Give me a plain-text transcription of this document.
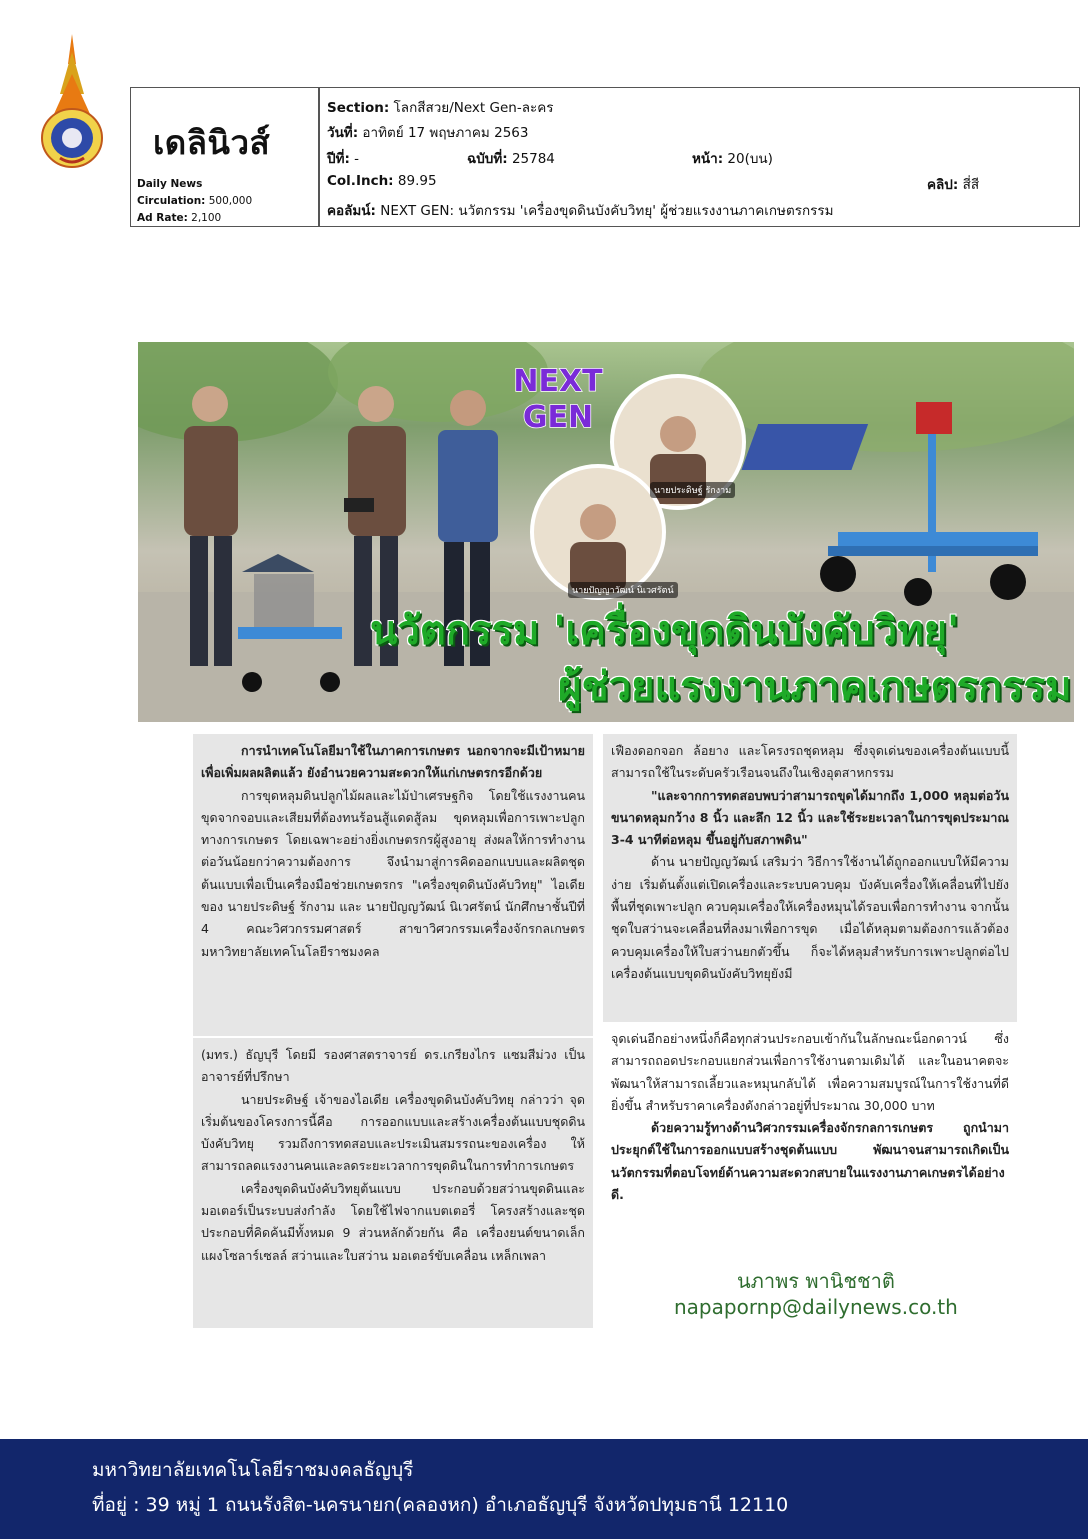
เดลินิวส์
Daily News
Circulation: 500,000
Ad Rate: 2,100
Section: โลกสีสวย/Next Gen-ละคร
วันที่: อาทิตย์ 17 พฤษภาคม 2563
ปีที่: -	ฉบับที่: 25784	หน้า: 20(บน)
Col.Inch: 89.95	คลิป: สี่สี
คอลัมน์: NEXT GEN: นวัตกรรม 'เครื่องขุดดินบังคับวิทยุ' ผู้ช่วยแรงงานภาคเกษตรกรรม
NEXT
GEN
นายประดิษฐ์ รักงาม
นายปัญญาวัฒน์ นิเวศรัตน์
นวัตกรรม 'เครื่องขุดดินบังคับวิทยุ'
ผู้ช่วยแรงงานภาคเกษตรกรรม

การนำเทคโนโลยีมาใช้ในภาคการเกษตร นอกจากจะมีเป้าหมายเพื่อเพิ่มผลผลิตแล้ว ยังอำนวยความสะดวกให้แก่เกษตรกรอีกด้วย

การขุดหลุมดินปลูกไม้ผลและไม้ป่าเศรษฐกิจ โดยใช้แรงงานคนขุดจากจอบและเสียมที่ต้องทนร้อนสู้แดดสู้ลม ขุดหลุมเพื่อการเพาะปลูกทางการเกษตร โดยเฉพาะอย่างยิ่งเกษตรกรผู้สูงอายุ ส่งผลให้การทำงานต่อวันน้อยกว่าความต้องการ จึงนำมาสู่การคิดออกแบบและผลิตชุดต้นแบบเพื่อเป็นเครื่องมือช่วยเกษตรกร "เครื่องขุดดินบังคับวิทยุ" ไอเดียของ นายประดิษฐ์ รักงาม และ นายปัญญวัฒน์ นิเวศรัตน์ นักศึกษาชั้นปีที่ 4 คณะวิศวกรรมศาสตร์ สาขาวิศวกรรมเครื่องจักรกลเกษตร มหาวิทยาลัยเทคโนโลยีราชมงคล

(มทร.) ธัญบุรี โดยมี รองศาสตราจารย์ ดร.เกรียงไกร แซมสีม่วง เป็นอาจารย์ที่ปรึกษา

นายประดิษฐ์ เจ้าของไอเดีย เครื่องขุดดินบังคับวิทยุ กล่าวว่า จุดเริ่มต้นของโครงการนี้คือ การออกแบบและสร้างเครื่องต้นแบบชุดดินบังคับวิทยุ รวมถึงการทดสอบและประเมินสมรรถนะของเครื่อง ให้สามารถลดแรงงานคนและลดระยะเวลาการขุดดินในการทำการเกษตร

เครื่องขุดดินบังคับวิทยุต้นแบบ ประกอบด้วยสว่านขุดดินและมอเตอร์เป็นระบบส่งกำลัง โดยใช้ไฟจากแบตเตอรี่ โครงสร้างและชุดประกอบที่คิดค้นมีทั้งหมด 9 ส่วนหลักด้วยกัน คือ เครื่องยนต์ขนาดเล็ก แผงโซลาร์เซลล์ สว่านและใบสว่าน มอเตอร์ขับเคลื่อน เหล็กเพลา

เฟืองดอกจอก ล้อยาง และโครงรถชุดหลุม ซึ่งจุดเด่นของเครื่องต้นแบบนี้ สามารถใช้ในระดับครัวเรือนจนถึงในเชิงอุตสาหกรรม

"และจากการทดสอบพบว่าสามารถขุดได้มากถึง 1,000 หลุมต่อวัน ขนาดหลุมกว้าง 8 นิ้ว และลึก 12 นิ้ว และใช้ระยะเวลาในการขุดประมาณ 3-4 นาทีต่อหลุม ขึ้นอยู่กับสภาพดิน"

ด้าน นายปัญญวัฒน์ เสริมว่า วิธีการใช้งานได้ถูกออกแบบให้มีความง่าย เริ่มต้นตั้งแต่เปิดเครื่องและระบบควบคุม บังคับเครื่องให้เคลื่อนที่ไปยังพื้นที่ชุดเพาะปลูก ควบคุมเครื่องให้เครื่องหมุนได้รอบเพื่อการทำงาน จากนั้นชุดใบสว่านจะเคลื่อนที่ลงมาเพื่อการขุด เมื่อได้หลุมตามต้องการแล้วต้องควบคุมเครื่องให้ใบสว่านยกตัวขึ้น ก็จะได้หลุมสำหรับการเพาะปลูกต่อไป เครื่องต้นแบบขุดดินบังคับวิทยุยังมี

จุดเด่นอีกอย่างหนึ่งก็คือทุกส่วนประกอบเข้ากันในลักษณะน็อกดาวน์ ซึ่งสามารถถอดประกอบแยกส่วนเพื่อการใช้งานตามเดิมได้ และในอนาคตจะพัฒนาให้สามารถเลี้ยวและหมุนกลับได้ เพื่อความสมบูรณ์ในการใช้งานที่ดียิ่งขึ้น สำหรับราคาเครื่องดังกล่าวอยู่ที่ประมาณ 30,000 บาท

ด้วยความรู้ทางด้านวิศวกรรมเครื่องจักรกลการเกษตร ถูกนำมาประยุกต์ใช้ในการออกแบบสร้างชุดต้นแบบ พัฒนาจนสามารถเกิดเป็นนวัตกรรมที่ตอบโจทย์ด้านความสะดวกสบายในแรงงานภาคเกษตรได้อย่างดี.

นภาพร พานิชชาติ
napapornp@dailynews.co.th
มหาวิทยาลัยเทคโนโลยีราชมงคลธัญบุรี
ที่อยู่ : 39 หมู่ 1 ถนนรังสิต-นครนายก(คลองหก) อำเภอธัญบุรี จังหวัดปทุมธานี 12110
